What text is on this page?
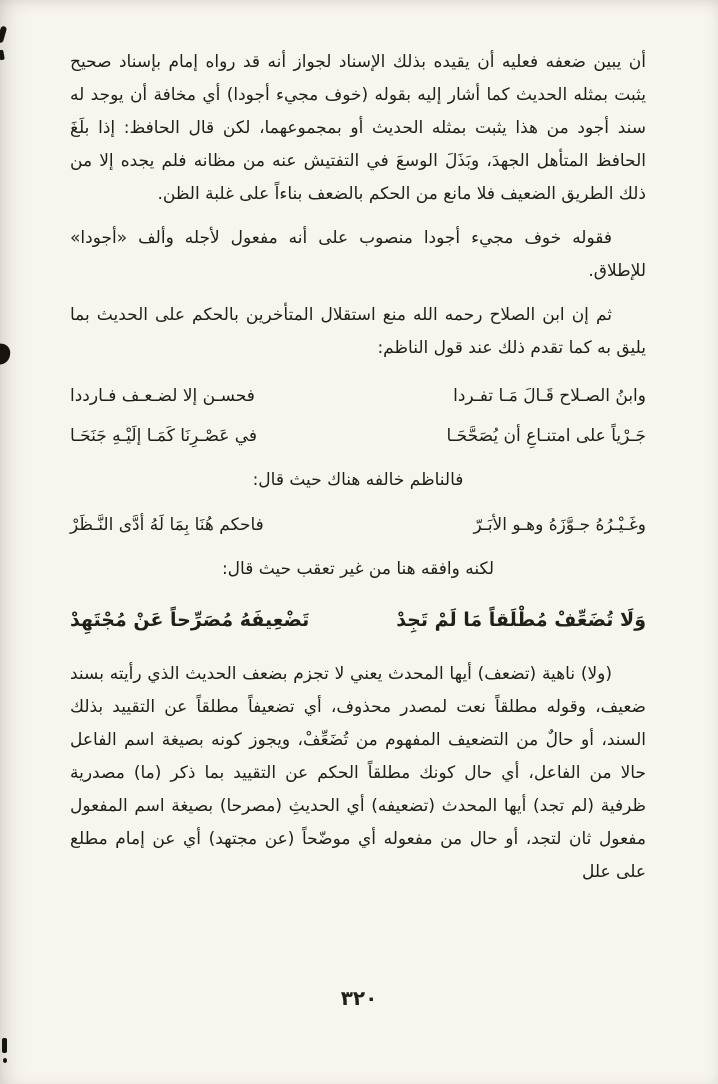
أن يبين ضعفه فعليه أن يقيده بذلك الإسناد لجواز أنه قد رواه إمام بإسناد صحيح يثبت بمثله الحديث كما أشار إليه بقوله (خوف مجيء أجودا) أي مخافة أن يوجد له سند أجود من هذا يثبت بمثله الحديث أو بمجموعهما، لكن قال الحافظ: إذا بلَغَ الحافظ المتأهل الجهدَ، وبَذَلَ الوسعَ في التفتيش عنه من مظانه فلم يجده إلا من ذلك الطريق الضعيف فلا مانع من الحكم بالضعف بناءاً على غلبة الظن.

فقوله خوف مجيء أجودا منصوب على أنه مفعول لأجله وألف «أجودا» للإطلاق.

ثم إن ابن الصلاح رحمه الله منع استقلال المتأخرين بالحكم على الحديث بما يليق به كما تقدم ذلك عند قول الناظم:

وابنُ الصـلاح قَـالَ مَـا تفـردا
فحسـن إلا لضـعـف فـارددا
جَـرْياً على امتنـاعِ أن يُصَحَّحَـا
في عَصْـرِنَا كَمَـا إلَيْـهِ جَنَحَـا

فالناظم خالفه هناك حيث قال:

وغَـيْـرُهُ جـوَّزَهُ وهـو الأبَـرّ
فاحكم هُنَا بِمَا لَهُ أدَّى النَّـظَرْ

لكنه وافقه هنا من غير تعقب حيث قال:

وَلَا تُضَعِّفْ مُطْلَقاً مَا لَمْ تَجِدْ
تَضْعِيفَهُ مُصَرِّحاً عَنْ مُجْتَهِدْ

(ولا) ناهية (تضعف) أيها المحدث يعني لا تجزم بضعف الحديث الذي رأيته بسند ضعيف، وقوله مطلقاً نعت لمصدر محذوف، أي تضعيفاً مطلقاً عن التقييد بذلك السند، أو حالٌ من التضعيف المفهوم من تُضَعِّفْ، ويجوز كونه بصيغة اسم الفاعل حالا من الفاعل، أي حال كونك مطلقاً الحكم عن التقييد بما ذكر (ما) مصدرية ظرفية (لم تجد) أيها المحدث (تضعيفه) أي الحديثِ (مصرحا) بصيغة اسم المفعول مفعول ثان لتجد، أو حال من مفعوله أي موضّحاً (عن مجتهد) أي عن إمام مطلع على علل

٣٢٠
